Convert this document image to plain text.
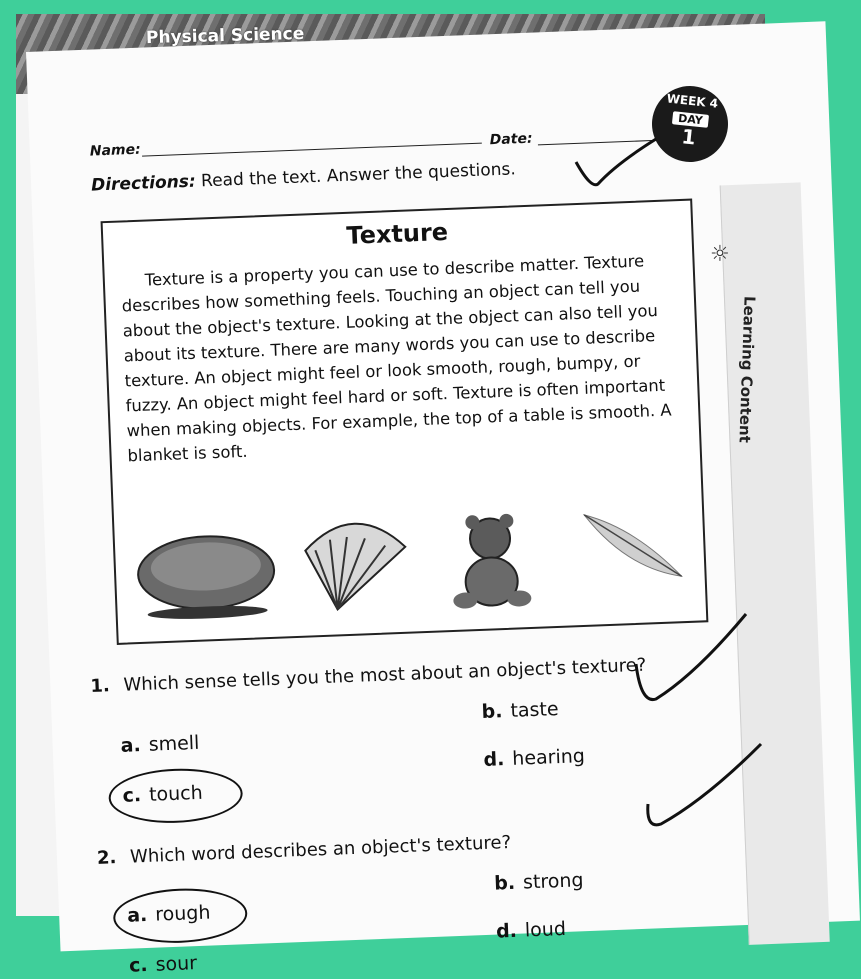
Physical Science
Name:
Date:
Directions: Read the text. Answer the questions.
Texture
Texture is a property you can use to describe matter. Texture describes how something feels. Touching an object can tell you about the object's texture. Looking at the object can also tell you about its texture. There are many words you can use to describe texture. An object might feel or look smooth, rough, bumpy, or fuzzy. An object might feel hard or soft. Texture is often important when making objects. For example, the top of a table is smooth. A blanket is soft.
1. Which sense tells you the most about an object's texture?
a. smell
b. taste
c. touch
d. hearing
2. Which word describes an object's texture?
a. rough
b. strong
c. sour
d. loud
WEEK 4
DAY
1
☼
Learning Content
